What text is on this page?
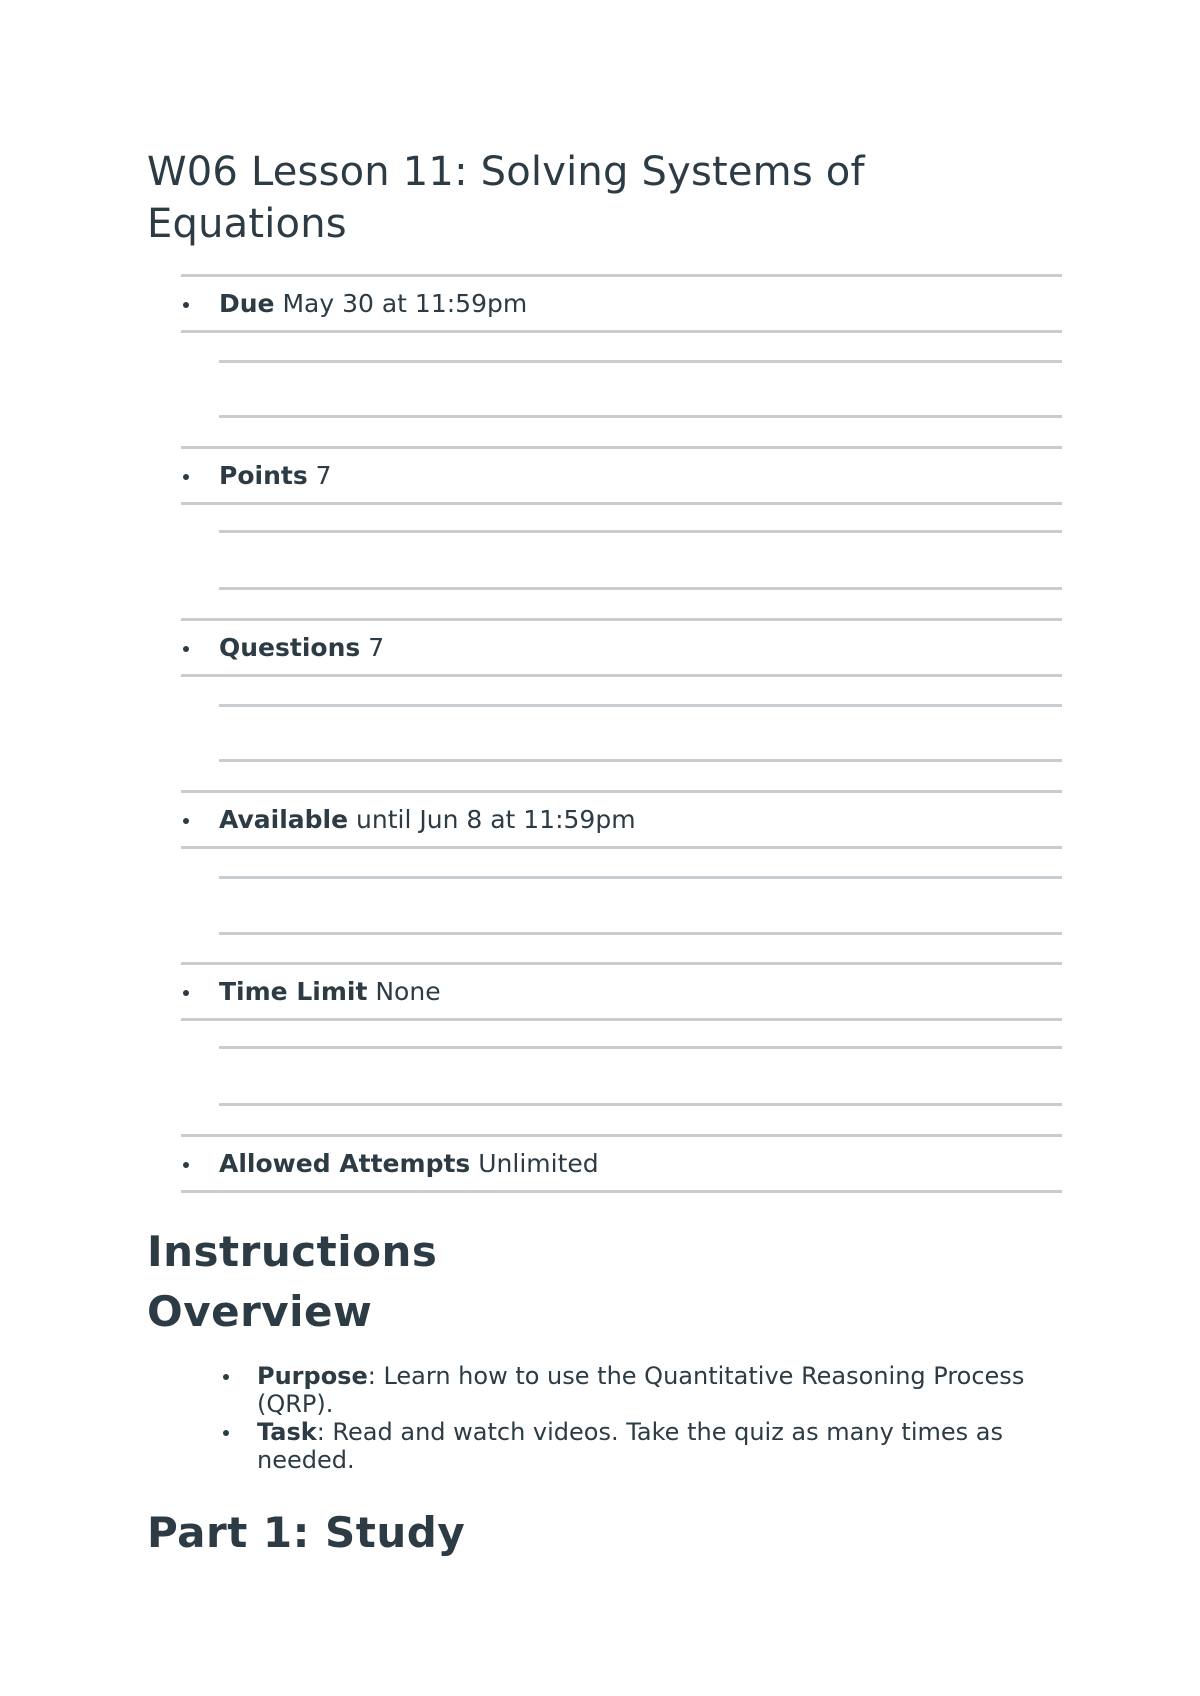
W06 Lesson 11: Solving Systems of Equations
Due May 30 at 11:59pm
Points 7
Questions 7
Available until Jun 8 at 11:59pm
Time Limit None
Allowed Attempts Unlimited
Instructions
Overview
Purpose: Learn how to use the Quantitative Reasoning Process (QRP).
Task: Read and watch videos. Take the quiz as many times as needed.
Part 1: Study
